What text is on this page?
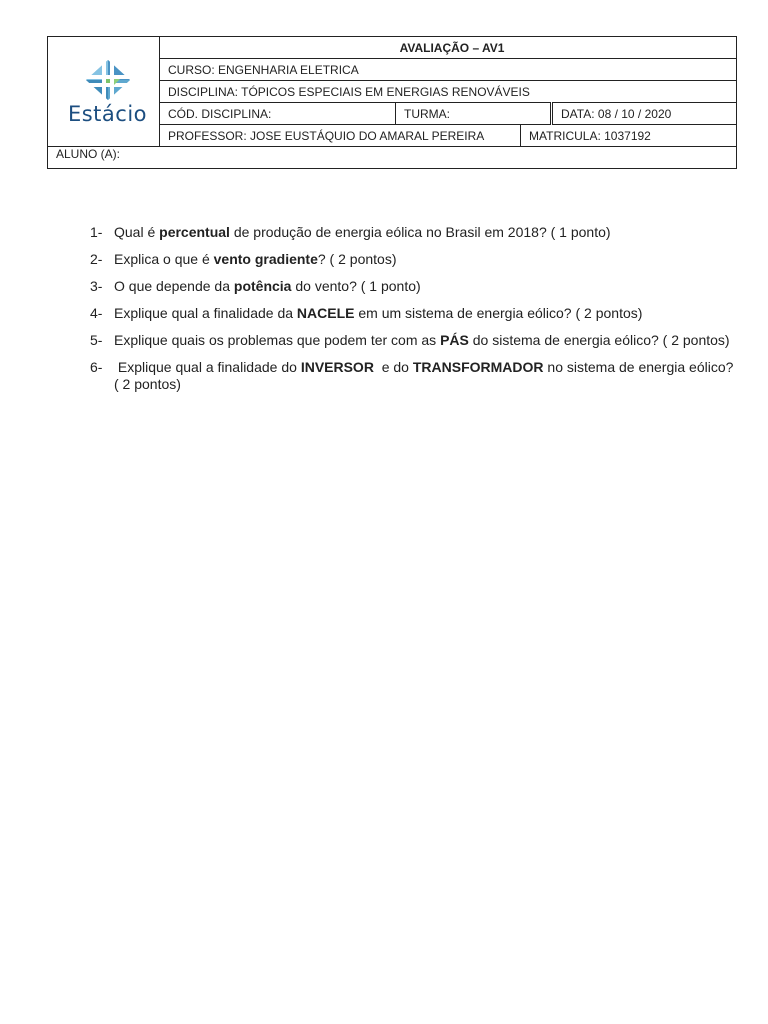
Estácio	AVALIAÇÃO – AV1			
	CURSO: ENGENHARIA ELETRICA			
	DISCIPLINA: TÓPICOS ESPECIAIS EM ENERGIAS RENOVÁVEIS			
	CÓD. DISCIPLINA:	TURMA:		DATA: 08 / 10 / 2020
	PROFESSOR: JOSE EUSTÁQUIO DO AMARAL PEREIRA		MATRICULA: 1037192	
ALUNO (A):				
1- Qual é percentual de produção de energia eólica no Brasil em 2018? ( 1 ponto)
2- Explica o que é vento gradiente? ( 2 pontos)
3- O que depende da potência do vento? ( 1 ponto)
4- Explique qual a finalidade da NACELE em um sistema de energia eólico? ( 2 pontos)
5- Explique quais os problemas que podem ter com as PÁS do sistema de energia eólico? ( 2 pontos)
6- Explique qual a finalidade do INVERSOR  e do TRANSFORMADOR no sistema de energia eólico? ( 2 pontos)
